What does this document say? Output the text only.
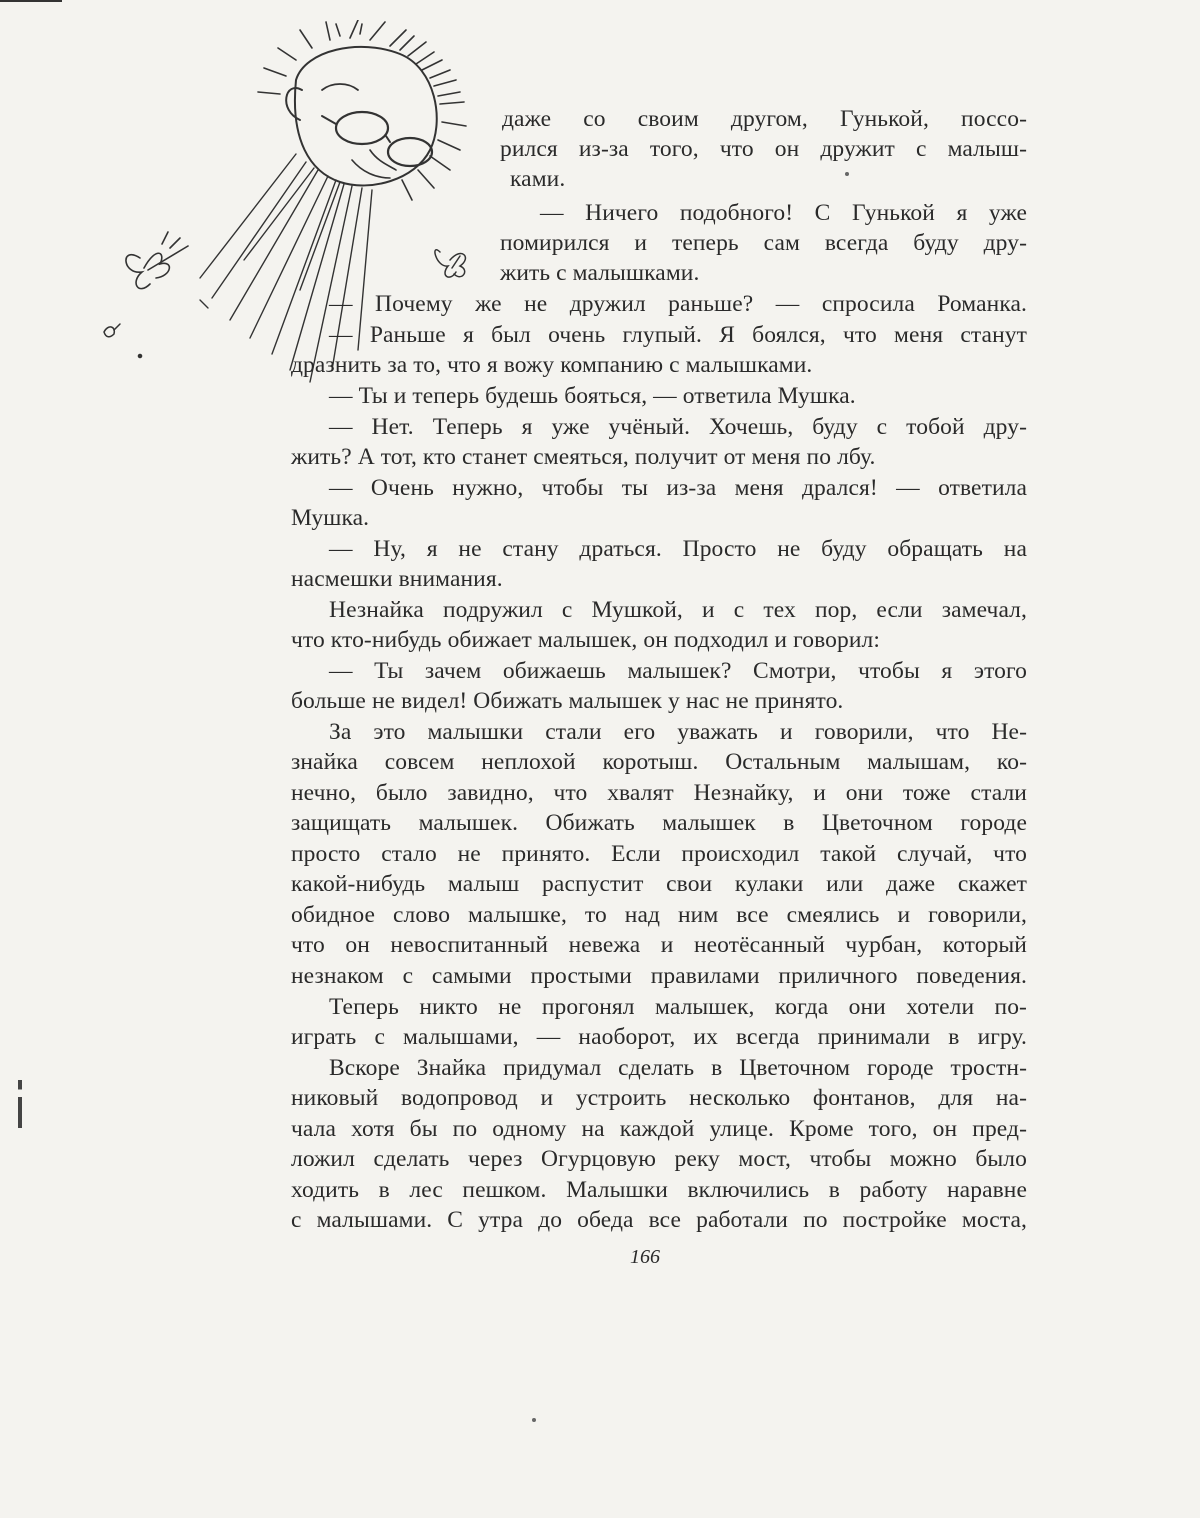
даже со своим другом, Гунькой, поссо-
рился из-за того, что он дружит с малыш-
ками.
— Ничего подобного! С Гунькой я уже
помирился и теперь сам всегда буду дру-
жить с малышками.
— Почему же не дружил раньше? — спросила Романка.
— Раньше я был очень глупый. Я боялся, что меня станут
дразнить за то, что я вожу компанию с малышками.
— Ты и теперь будешь бояться, — ответила Мушка.
— Нет. Теперь я уже учёный. Хочешь, буду с тобой дру-
жить? А тот, кто станет смеяться, получит от меня по лбу.
— Очень нужно, чтобы ты из-за меня дрался! — ответила
Мушка.
— Ну, я не стану драться. Просто не буду обращать на
насмешки внимания.
Незнайка подружил с Мушкой, и с тех пор, если замечал,
что кто-нибудь обижает малышек, он подходил и говорил:
— Ты зачем обижаешь малышек? Смотри, чтобы я этого
больше не видел! Обижать малышек у нас не принято.
За это малышки стали его уважать и говорили, что Не-
знайка совсем неплохой коротыш. Остальным малышам, ко-
нечно, было завидно, что хвалят Незнайку, и они тоже стали
защищать малышек. Обижать малышек в Цветочном городе
просто стало не принято. Если происходил такой случай, что
какой-нибудь малыш распустит свои кулаки или даже скажет
обидное слово малышке, то над ним все смеялись и говорили,
что он невоспитанный невежа и неотёсанный чурбан, который
незнаком с самыми простыми правилами приличного поведения.
Теперь никто не прогонял малышек, когда они хотели по-
играть с малышами, — наоборот, их всегда принимали в игру.
Вскоре Знайка придумал сделать в Цветочном городе тростн-
никовый водопровод и устроить несколько фонтанов, для на-
чала хотя бы по одному на каждой улице. Кроме того, он пред-
ложил сделать через Огурцовую реку мост, чтобы можно было
ходить в лес пешком. Малышки включились в работу наравне
с малышами. С утра до обеда все работали по постройке моста,
166
